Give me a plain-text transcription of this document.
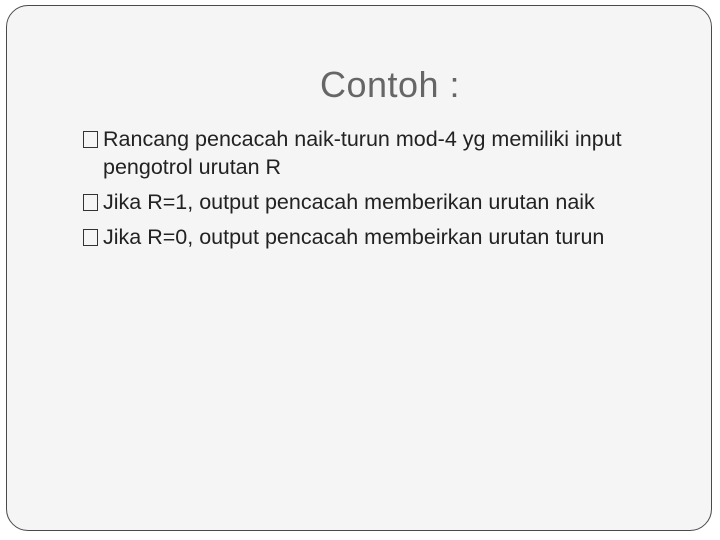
Contoh :
Rancang pencacah naik-turun mod-4 yg memiliki input pengotrol urutan R
Jika R=1, output pencacah memberikan urutan naik
Jika R=0, output pencacah membeirkan urutan turun
